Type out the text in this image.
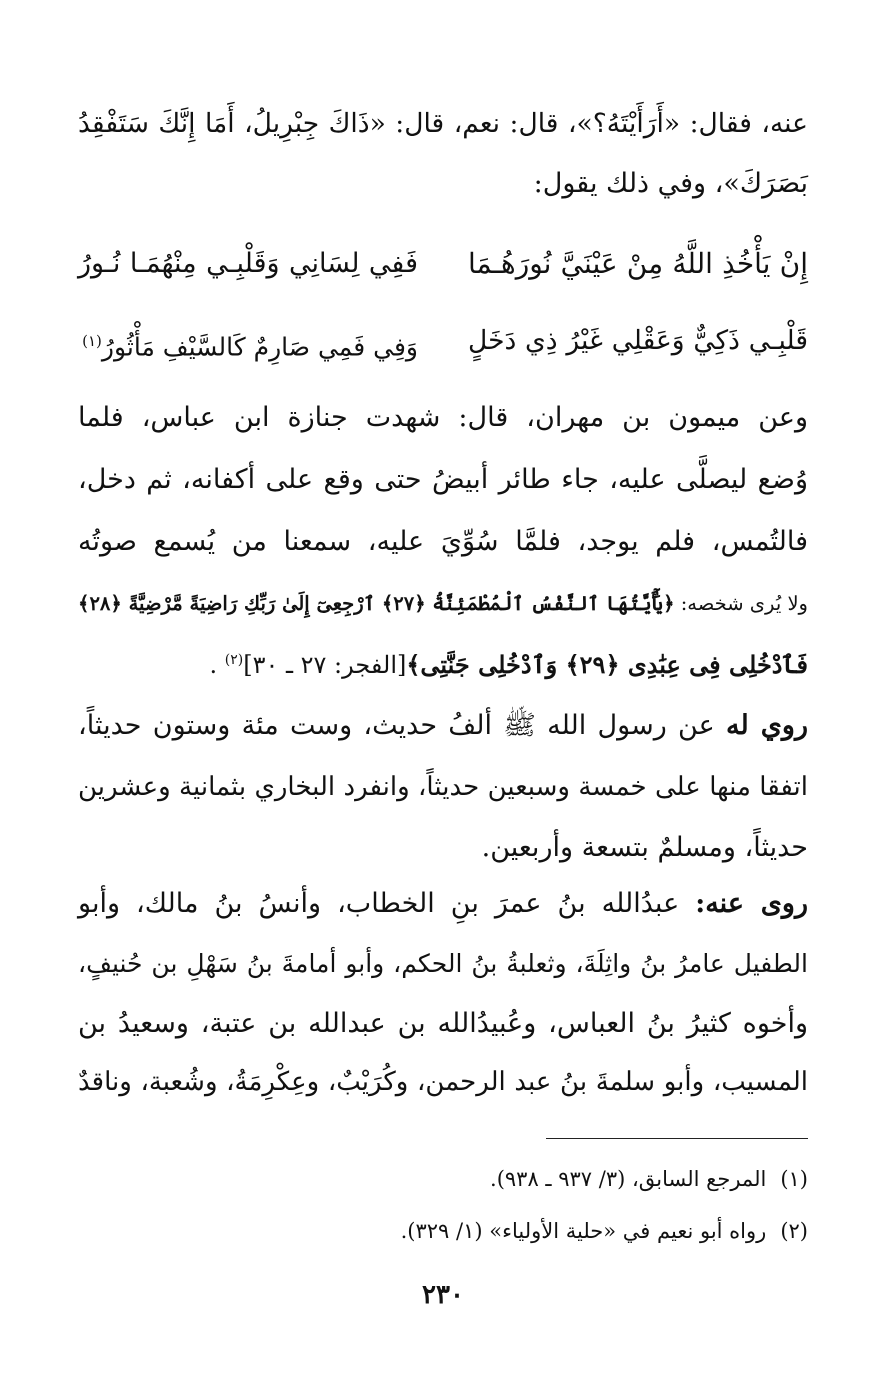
عنه، فقال: «أَرَأَيْتَهُ؟»، قال: نعم، قال: «ذَاكَ جِبْرِيلُ، أَمَا إِنَّكَ سَتَفْقِدُ
بَصَرَكَ»، وفي ذلك يقول:
إِنْ يَأْخُذِ اللَّهُ مِنْ عَيْنَيَّ نُورَهُـمَا
فَفِي لِسَانِي وَقَلْبِـي مِنْهُمَـا نُـورُ
قَلْبِـي ذَكِيٌّ وَعَقْلِي غَيْرُ ذِي دَخَلٍ
وَفِي فَمِي صَارِمٌ كَالسَّيْفِ مَأْثُورُ$^{(١)}$
وعن ميمون بن مهران، قال: شهدت جنازة ابن عباس، فلما
وُضع ليصلَّى عليه، جاء طائر أبيضُ حتى وقع على أكفانه، ثم دخل،
فالتُمس، فلم يوجد، فلمَّا سُوِّيَ عليه، سمعنا من يُسمع صوتُه
ولا يُرى شخصه: ﴿يَٰٓأَيَّتُهَا ٱلنَّفْسُ ٱلْمُطْمَئِنَّةُ ﴿٢٧﴾ ٱرْجِعِىٓ إِلَىٰ رَبِّكِ رَاضِيَةً مَّرْضِيَّةً ﴿٢٨﴾
فَٱدْخُلِى فِى عِبَٰدِى ﴿٢٩﴾ وَٱدْخُلِى جَنَّتِى﴾[الفجر: ٢٧ ـ ٣٠]$^{(٢)}$ .
روي له عن رسول الله ﷺ ألفُ حديث، وست مئة وستون حديثاً،
اتفقا منها على خمسة وسبعين حديثاً، وانفرد البخاري بثمانية وعشرين
حديثاً، ومسلمٌ بتسعة وأربعين.
روى عنه: عبدُالله بنُ عمرَ بنِ الخطاب، وأنسُ بنُ مالك، وأبو
الطفيل عامرُ بنُ واثِلَةَ، وثعلبةُ بنُ الحكم، وأبو أمامةَ بنُ سَهْلِ بن حُنيفٍ،
وأخوه كثيرُ بنُ العباس، وعُبيدُالله بن عبدالله بن عتبة، وسعيدُ بن
المسيب، وأبو سلمةَ بنُ عبد الرحمن، وكُرَيْبٌ، وعِكْرِمَةُ، وشُعبة، وناقدٌ
(١)المرجع السابق، (٣/ ٩٣٧ ـ ٩٣٨).
(٢)رواه أبو نعيم في «حلية الأولياء» (١/ ٣٢٩).
٢٣٠
